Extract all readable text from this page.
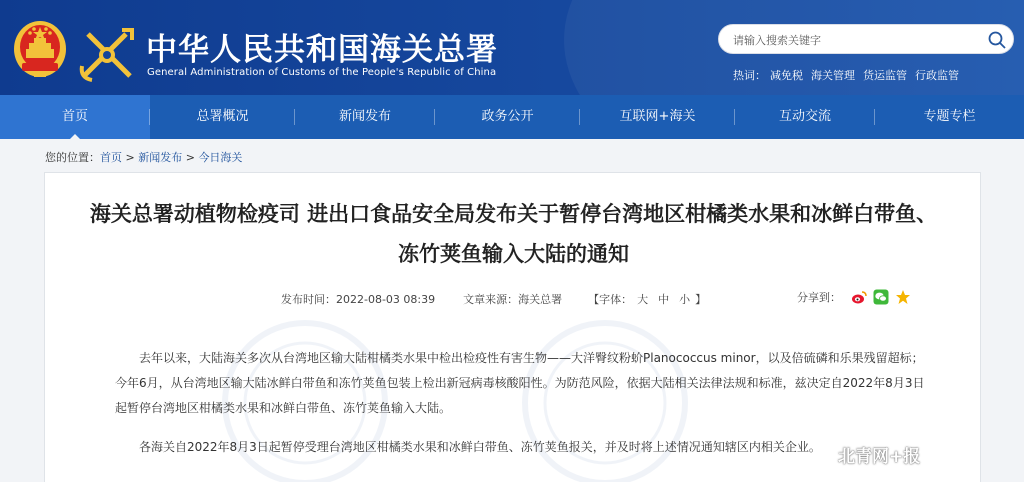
中华人民共和国海关总署
General Administration of Customs of the People's Republic of China
请输入搜索关键字	热词： 减免税 海关管理 货运监管 行政监管
首页	总署概况	新闻发布	政务公开	互联网+海关	互动交流	专题专栏
您的位置：首页 > 新闻发布 > 今日海关
海关总署动植物检疫司 进出口食品安全局发布关于暂停台湾地区柑橘类水果和冰鲜白带鱼、冻竹荚鱼输入大陆的通知
发布时间： 2022-08-03 08:39	文章来源： 海关总署 【字体： 大 中 小 】	分享到：

去年以来，大陆海关多次从台湾地区输大陆柑橘类水果中检出检疫性有害生物——大洋臀纹粉蚧Planococcus minor，以及倍硫磷和乐果残留超标；今年6月，从台湾地区输大陆冰鲜白带鱼和冻竹荚鱼包装上检出新冠病毒核酸阳性。为防范风险，依据大陆相关法律法规和标准，兹决定自2022年8月3日起暂停台湾地区柑橘类水果和冰鲜白带鱼、冻竹荚鱼输入大陆。

各海关自2022年8月3日起暂停受理台湾地区柑橘类水果和冰鲜白带鱼、冻竹荚鱼报关，并及时将上述情况通知辖区内相关企业。	北青网+报
